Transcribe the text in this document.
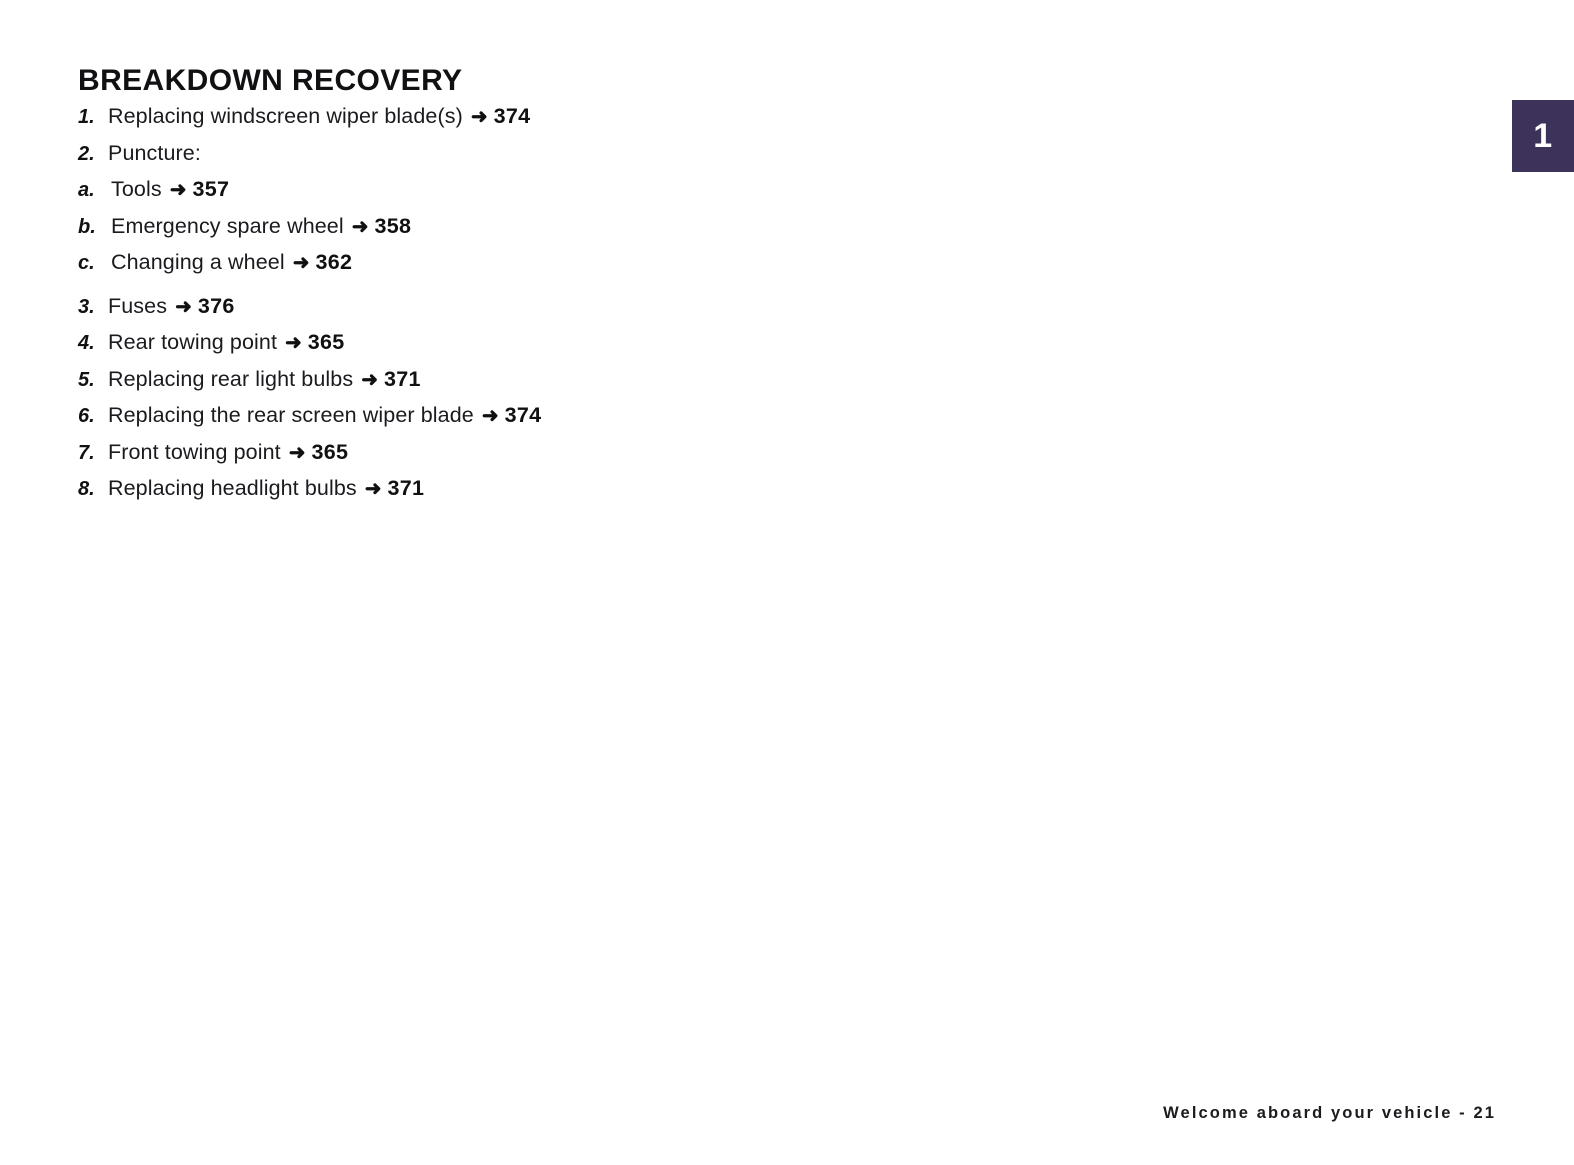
1
BREAKDOWN RECOVERY
1. Replacing windscreen wiper blade(s) ➜ 374
2. Puncture:
a. Tools ➜ 357
b. Emergency spare wheel ➜ 358
c. Changing a wheel ➜ 362
3. Fuses ➜ 376
4. Rear towing point ➜ 365
5. Replacing rear light bulbs ➜ 371
6. Replacing the rear screen wiper blade ➜ 374
7. Front towing point ➜ 365
8. Replacing headlight bulbs ➜ 371
Welcome aboard your vehicle - 21
